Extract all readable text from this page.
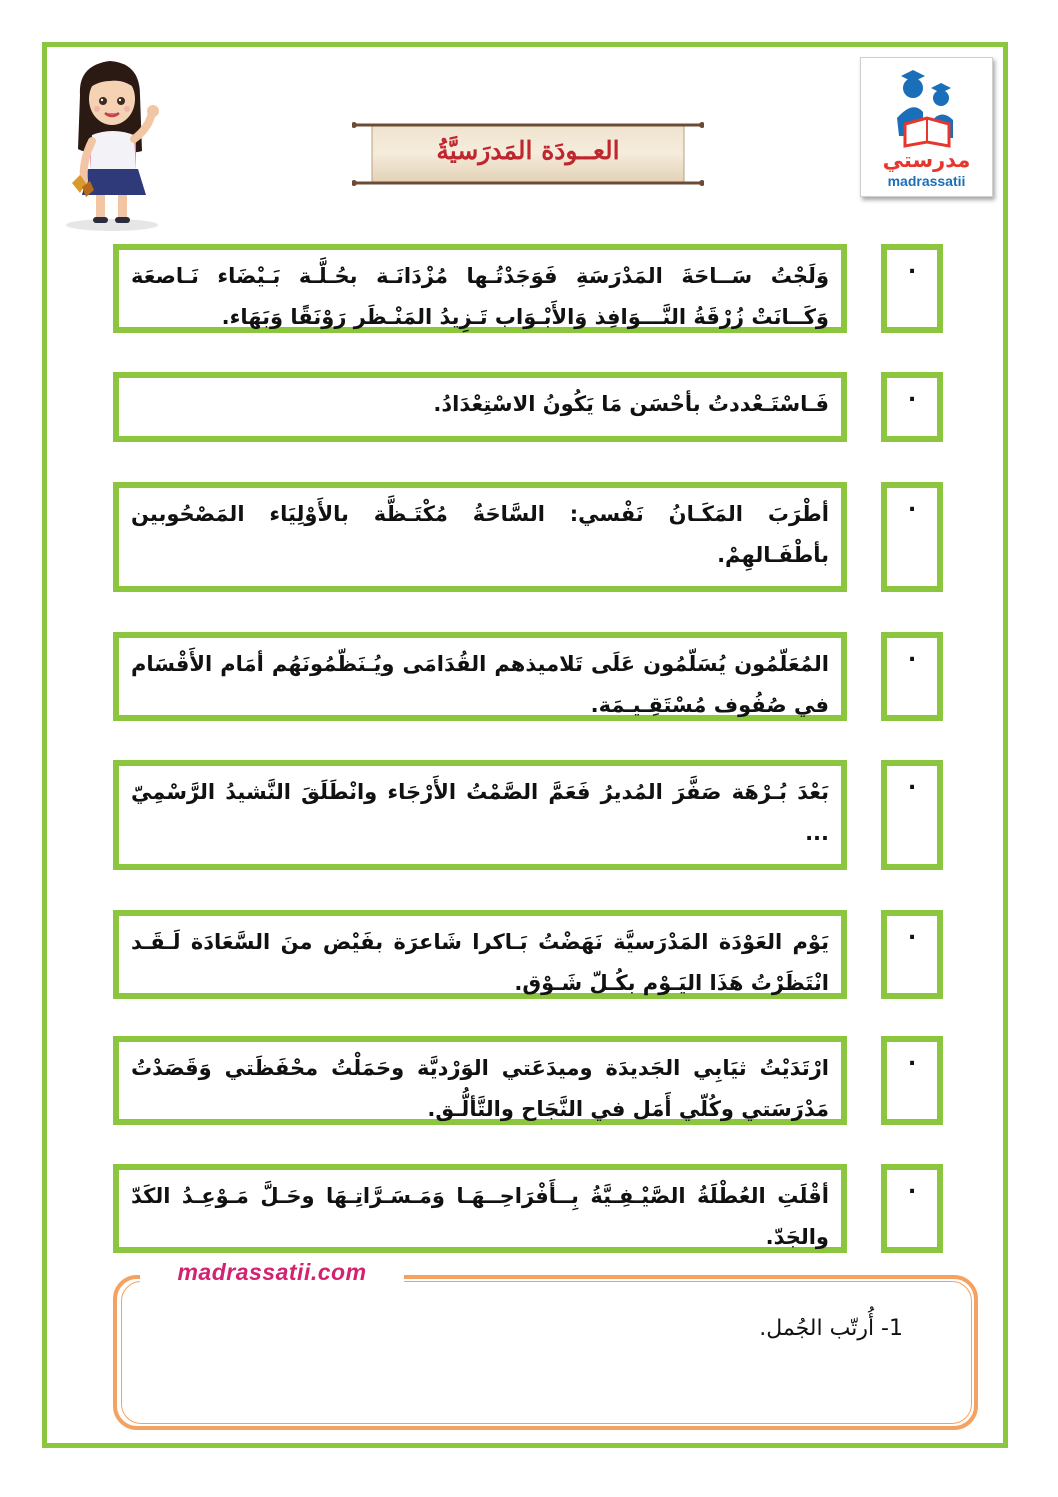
مدرستي
madrassatii
العــودَة المَدرَسيَّةُ
وَلَجْتُ سَــاحَةَ المَدْرَسَةِ فَوَجَدْتُـها مُزْدَانَـة بحُـلَّـة بَـيْضَاء نَـاصعَة وَكَــانَتْ زُرْقَةُ النَّـــوَافِذ وَالأَبْـوَاب تَـزِيدُ المَنْـظَر رَوْنَقًا وَبَهَاء.
.
فَـاسْتَـعْددتُ بأحْسَن مَا يَكُونُ الاسْتِعْدَادُ.	.
أطْرَبَ المَكَـانُ نَفْسي: السَّاحَةُ مُكْتَـظَّة بالأَوْلِيَاء المَصْحُوبين بأطْفَـالهِمْ.
.
المُعَلّمُون يُسَلّمُون عَلَى تَلاميذهم القُدَامَى ويُـنَظّمُونَهُم أمَام الأَقْسَام في صُفُوف مُسْتَقِـيـمَة.
.
بَعْدَ بُـرْهَة صَفَّرَ المُديرُ فَعَمَّ الصَّمْتُ الأَرْجَاء وانْطَلَقَ النَّشيدُ الرَّسْمِيّ ...
.
يَوْم العَوْدَة المَدْرَسيَّة نَهَضْتُ بَـاكرا شَاعرَة بفَيْض منَ السَّعَادَة لَـقَـد انْتَظَرْتُ هَذَا اليَـوْم بكُـلّ شَـوْق.
.
ارْتَدَيْتُ ثيَابِي الجَديدَة وميدَعَتي الوَرْديَّة وحَمَلْتُ محْفَظَتي وَقَصَدْتُ مَدْرَسَتي وكُلّي أَمَل في النَّجَاح والتَّألُّـق.
.
أقْلَتِ العُطْلَةُ الصَّيْـفِـيَّةُ بِــأَفْرَاحِــهَـا وَمَـسَـرَّاتِـهَا وحَـلَّ مَـوْعِـدُ الكَدّ والجَدّ.
.
madrassatii.com
1- أُرتّب الجُمل.
